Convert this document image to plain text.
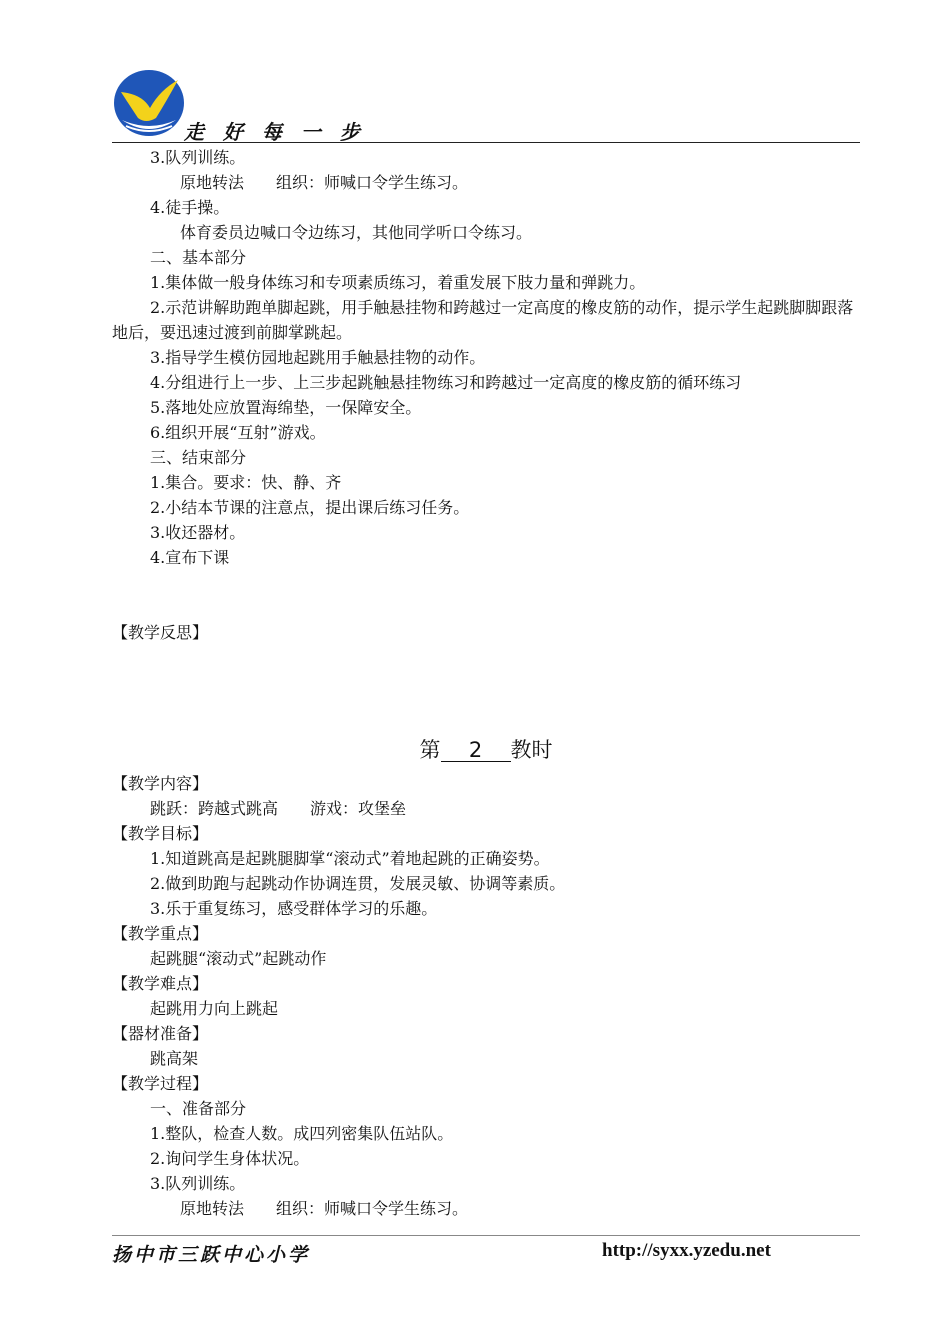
走 好 每 一 步

3.队列训练。

原地转法　　组织：师喊口令学生练习。

4.徒手操。

体育委员边喊口令边练习，其他同学听口令练习。

二、基本部分

1.集体做一般身体练习和专项素质练习，着重发展下肢力量和弹跳力。

2.示范讲解助跑单脚起跳，用手触悬挂物和跨越过一定高度的橡皮筋的动作，提示学生起跳脚脚跟落地后，要迅速过渡到前脚掌跳起。

3.指导学生模仿园地起跳用手触悬挂物的动作。

4.分组进行上一步、上三步起跳触悬挂物练习和跨越过一定高度的橡皮筋的循环练习

5.落地处应放置海绵垫，一保障安全。

6.组织开展“互射”游戏。

三、结束部分

1.集合。要求：快、静、齐

2.小结本节课的注意点，提出课后练习任务。

3.收还器材。

4.宣布下课

【教学反思】

第 2 教时

【教学内容】

跳跃：跨越式跳高　　游戏：攻堡垒

【教学目标】

1.知道跳高是起跳腿脚掌“滚动式”着地起跳的正确姿势。

2.做到助跑与起跳动作协调连贯，发展灵敏、协调等素质。

3.乐于重复练习，感受群体学习的乐趣。

【教学重点】

起跳腿“滚动式”起跳动作

【教学难点】

起跳用力向上跳起

【器材准备】

跳高架

【教学过程】

一、准备部分

1.整队，检查人数。成四列密集队伍站队。

2.询问学生身体状况。

3.队列训练。

原地转法　　组织：师喊口令学生练习。

扬中市三跃中心小学	http://syxx.yzedu.net
